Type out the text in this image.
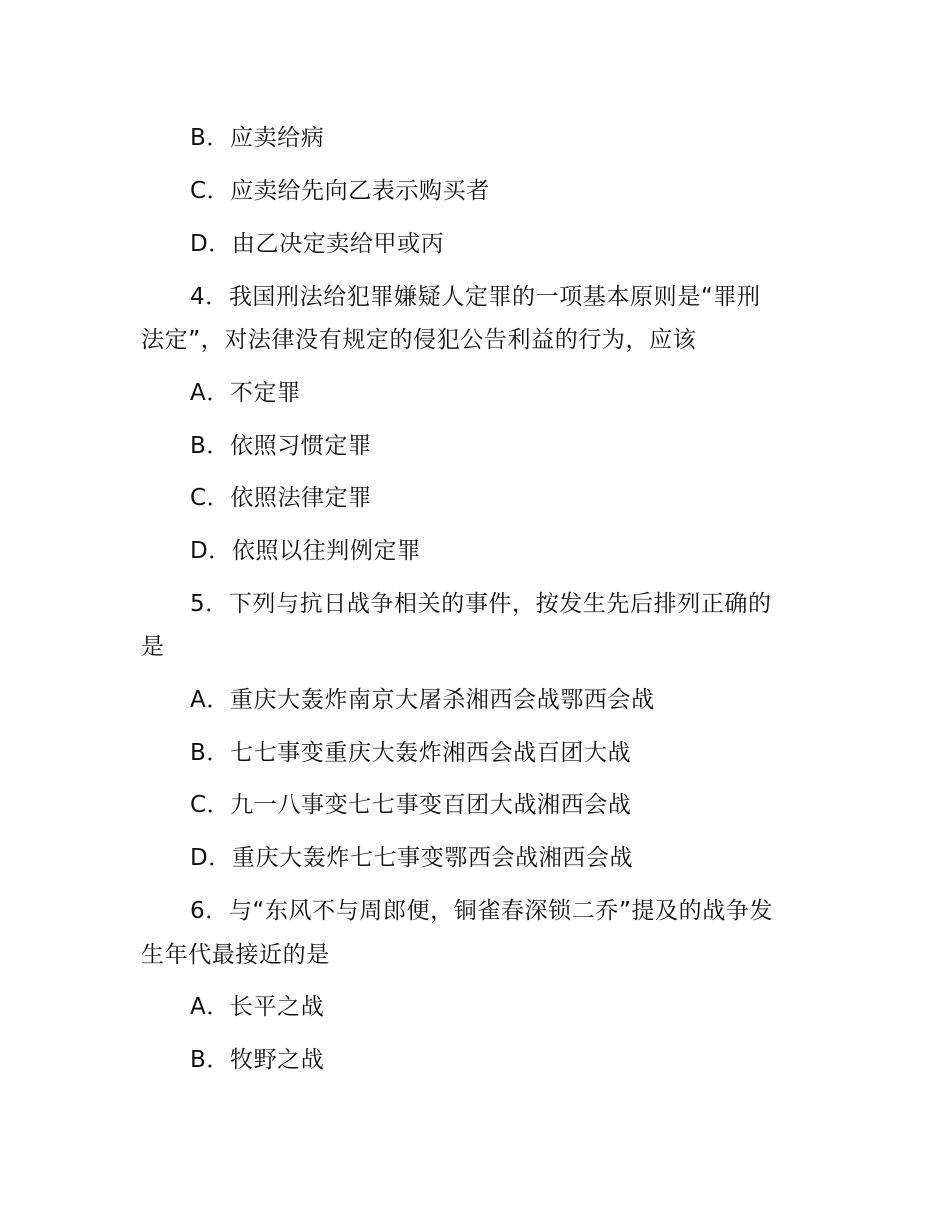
B．应卖给病
C．应卖给先向乙表示购买者
D．由乙决定卖给甲或丙
4．我国刑法给犯罪嫌疑人定罪的一项基本原则是“罪刑
法定”，对法律没有规定的侵犯公告利益的行为，应该
A．不定罪
B．依照习惯定罪
C．依照法律定罪
D．依照以往判例定罪
5．下列与抗日战争相关的事件，按发生先后排列正确的
是
A．重庆大轰炸南京大屠杀湘西会战鄂西会战
B．七七事变重庆大轰炸湘西会战百团大战
C．九一八事变七七事变百团大战湘西会战
D．重庆大轰炸七七事变鄂西会战湘西会战
6．与“东风不与周郎便，铜雀春深锁二乔”提及的战争发
生年代最接近的是
A．长平之战
B．牧野之战
